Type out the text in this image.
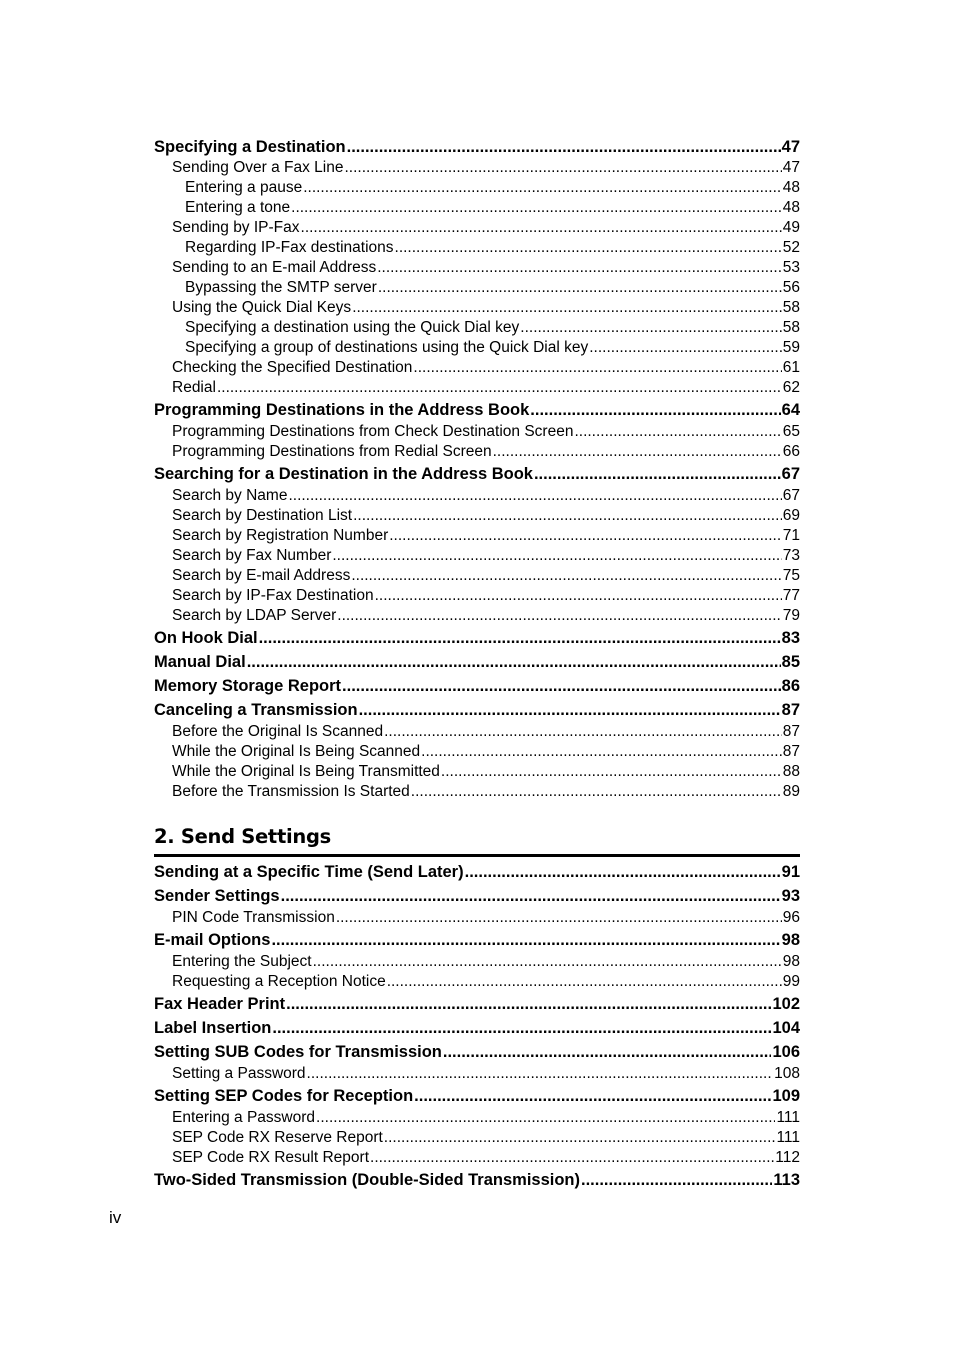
Specifying a Destination .....	47
Sending Over a Fax Line .....	47
Entering a pause .....	48
Entering a tone .....	48
Sending by IP-Fax .....	49
Regarding IP-Fax destinations .....	52
Sending to an E-mail Address .....	53
Bypassing the SMTP server .....	56
Using the Quick Dial Keys .....	58
Specifying a destination using the Quick Dial key .....	58
Specifying a group of destinations using the Quick Dial key .....	59
Checking the Specified Destination .....	61
Redial .....	62
Programming Destinations in the Address Book .....	64
Programming Destinations from Check Destination Screen .....	65
Programming Destinations from Redial Screen .....	66
Searching for a Destination in the Address Book .....	67
Search by Name .....	67
Search by Destination List .....	69
Search by Registration Number .....	71
Search by Fax Number .....	73
Search by E-mail Address .....	75
Search by IP-Fax Destination .....	77
Search by LDAP Server .....	79
On Hook Dial .....	83
Manual Dial .....	85
Memory Storage Report .....	86
Canceling a Transmission .....	87
Before the Original Is Scanned .....	87
While the Original Is Being Scanned .....	87
While the Original Is Being Transmitted .....	88
Before the Transmission Is Started .....	89
2. Send Settings
Sending at a Specific Time (Send Later) .....	91
Sender Settings .....	93
PIN Code Transmission .....	96
E-mail Options .....	98
Entering the Subject .....	98
Requesting a Reception Notice .....	99
Fax Header Print .....	102
Label Insertion .....	104
Setting SUB Codes for Transmission .....	106
Setting a Password .....	108
Setting SEP Codes for Reception .....	109
Entering a Password .....	111
SEP Code RX Reserve Report .....	111
SEP Code RX Result Report .....	112
Two-Sided Transmission (Double-Sided Transmission) .....	113
iv
